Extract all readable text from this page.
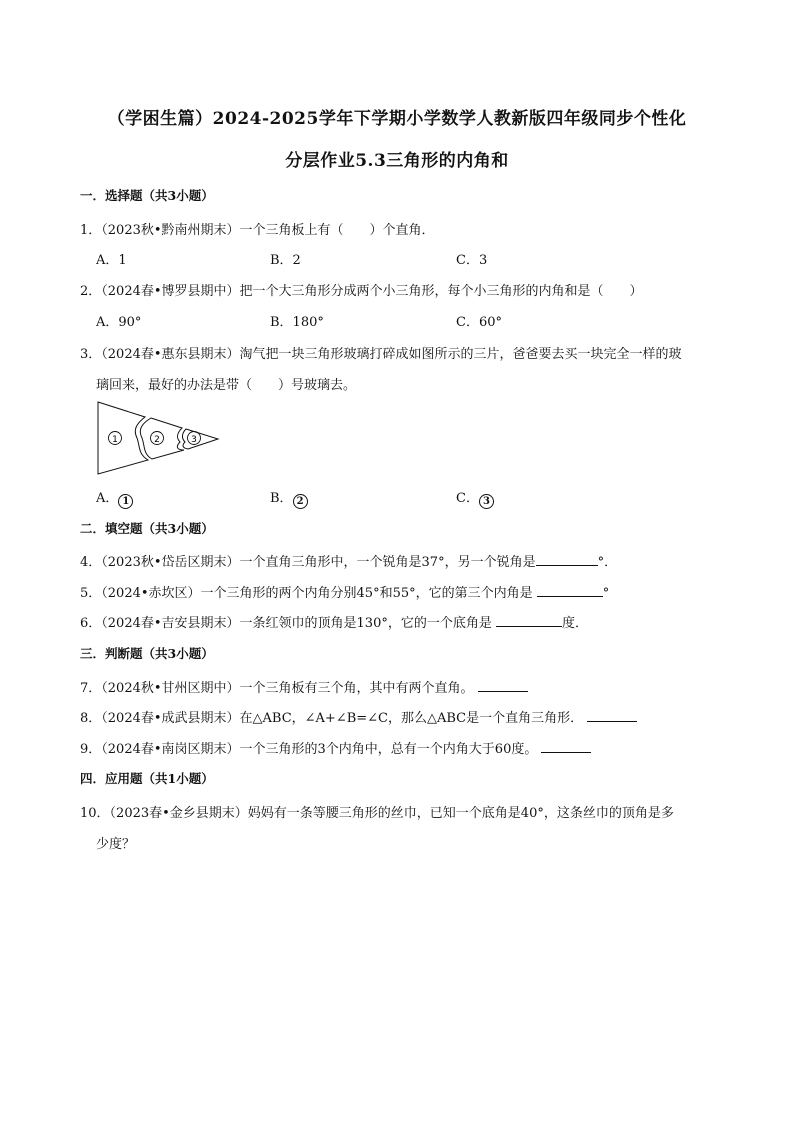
（学困生篇）2024-2025学年下学期小学数学人教新版四年级同步个性化
分层作业5.3三角形的内角和
一．选择题（共3小题）
1．（2023秋•黔南州期末）一个三角板上有（　　）个直角．
A．1	B．2	C．3
2．（2024春•博罗县期中）把一个大三角形分成两个小三角形，每个小三角形的内角和是（　　）
A．90°	B．180°	C．60°
3．（2024春•惠东县期末）淘气把一块三角形玻璃打碎成如图所示的三片，爸爸要去买一块完全一样的玻
璃回来，最好的办法是带（　　）号玻璃去。
1	2	3
A． 1	B． 2	C． 3
二．填空题（共3小题）
4．（2023秋•岱岳区期末）一个直角三角形中，一个锐角是37°，另一个锐角是	°．
5．（2024•赤坎区）一个三角形的两个内角分别45°和55°，它的第三个内角是	°
6．（2024春•吉安县期末）一条红领巾的顶角是130°，它的一个底角是	度．
三．判断题（共3小题）
7．（2024秋•甘州区期中）一个三角板有三个角，其中有两个直角。
8．（2024春•成武县期末）在△ABC，∠A+∠B=∠C，那么△ABC是一个直角三角形．
9．（2024春•南岗区期末）一个三角形的3个内角中，总有一个内角大于60度。
四．应用题（共1小题）
10．（2023春•金乡县期末）妈妈有一条等腰三角形的丝巾，已知一个底角是40°，这条丝巾的顶角是多
少度？
